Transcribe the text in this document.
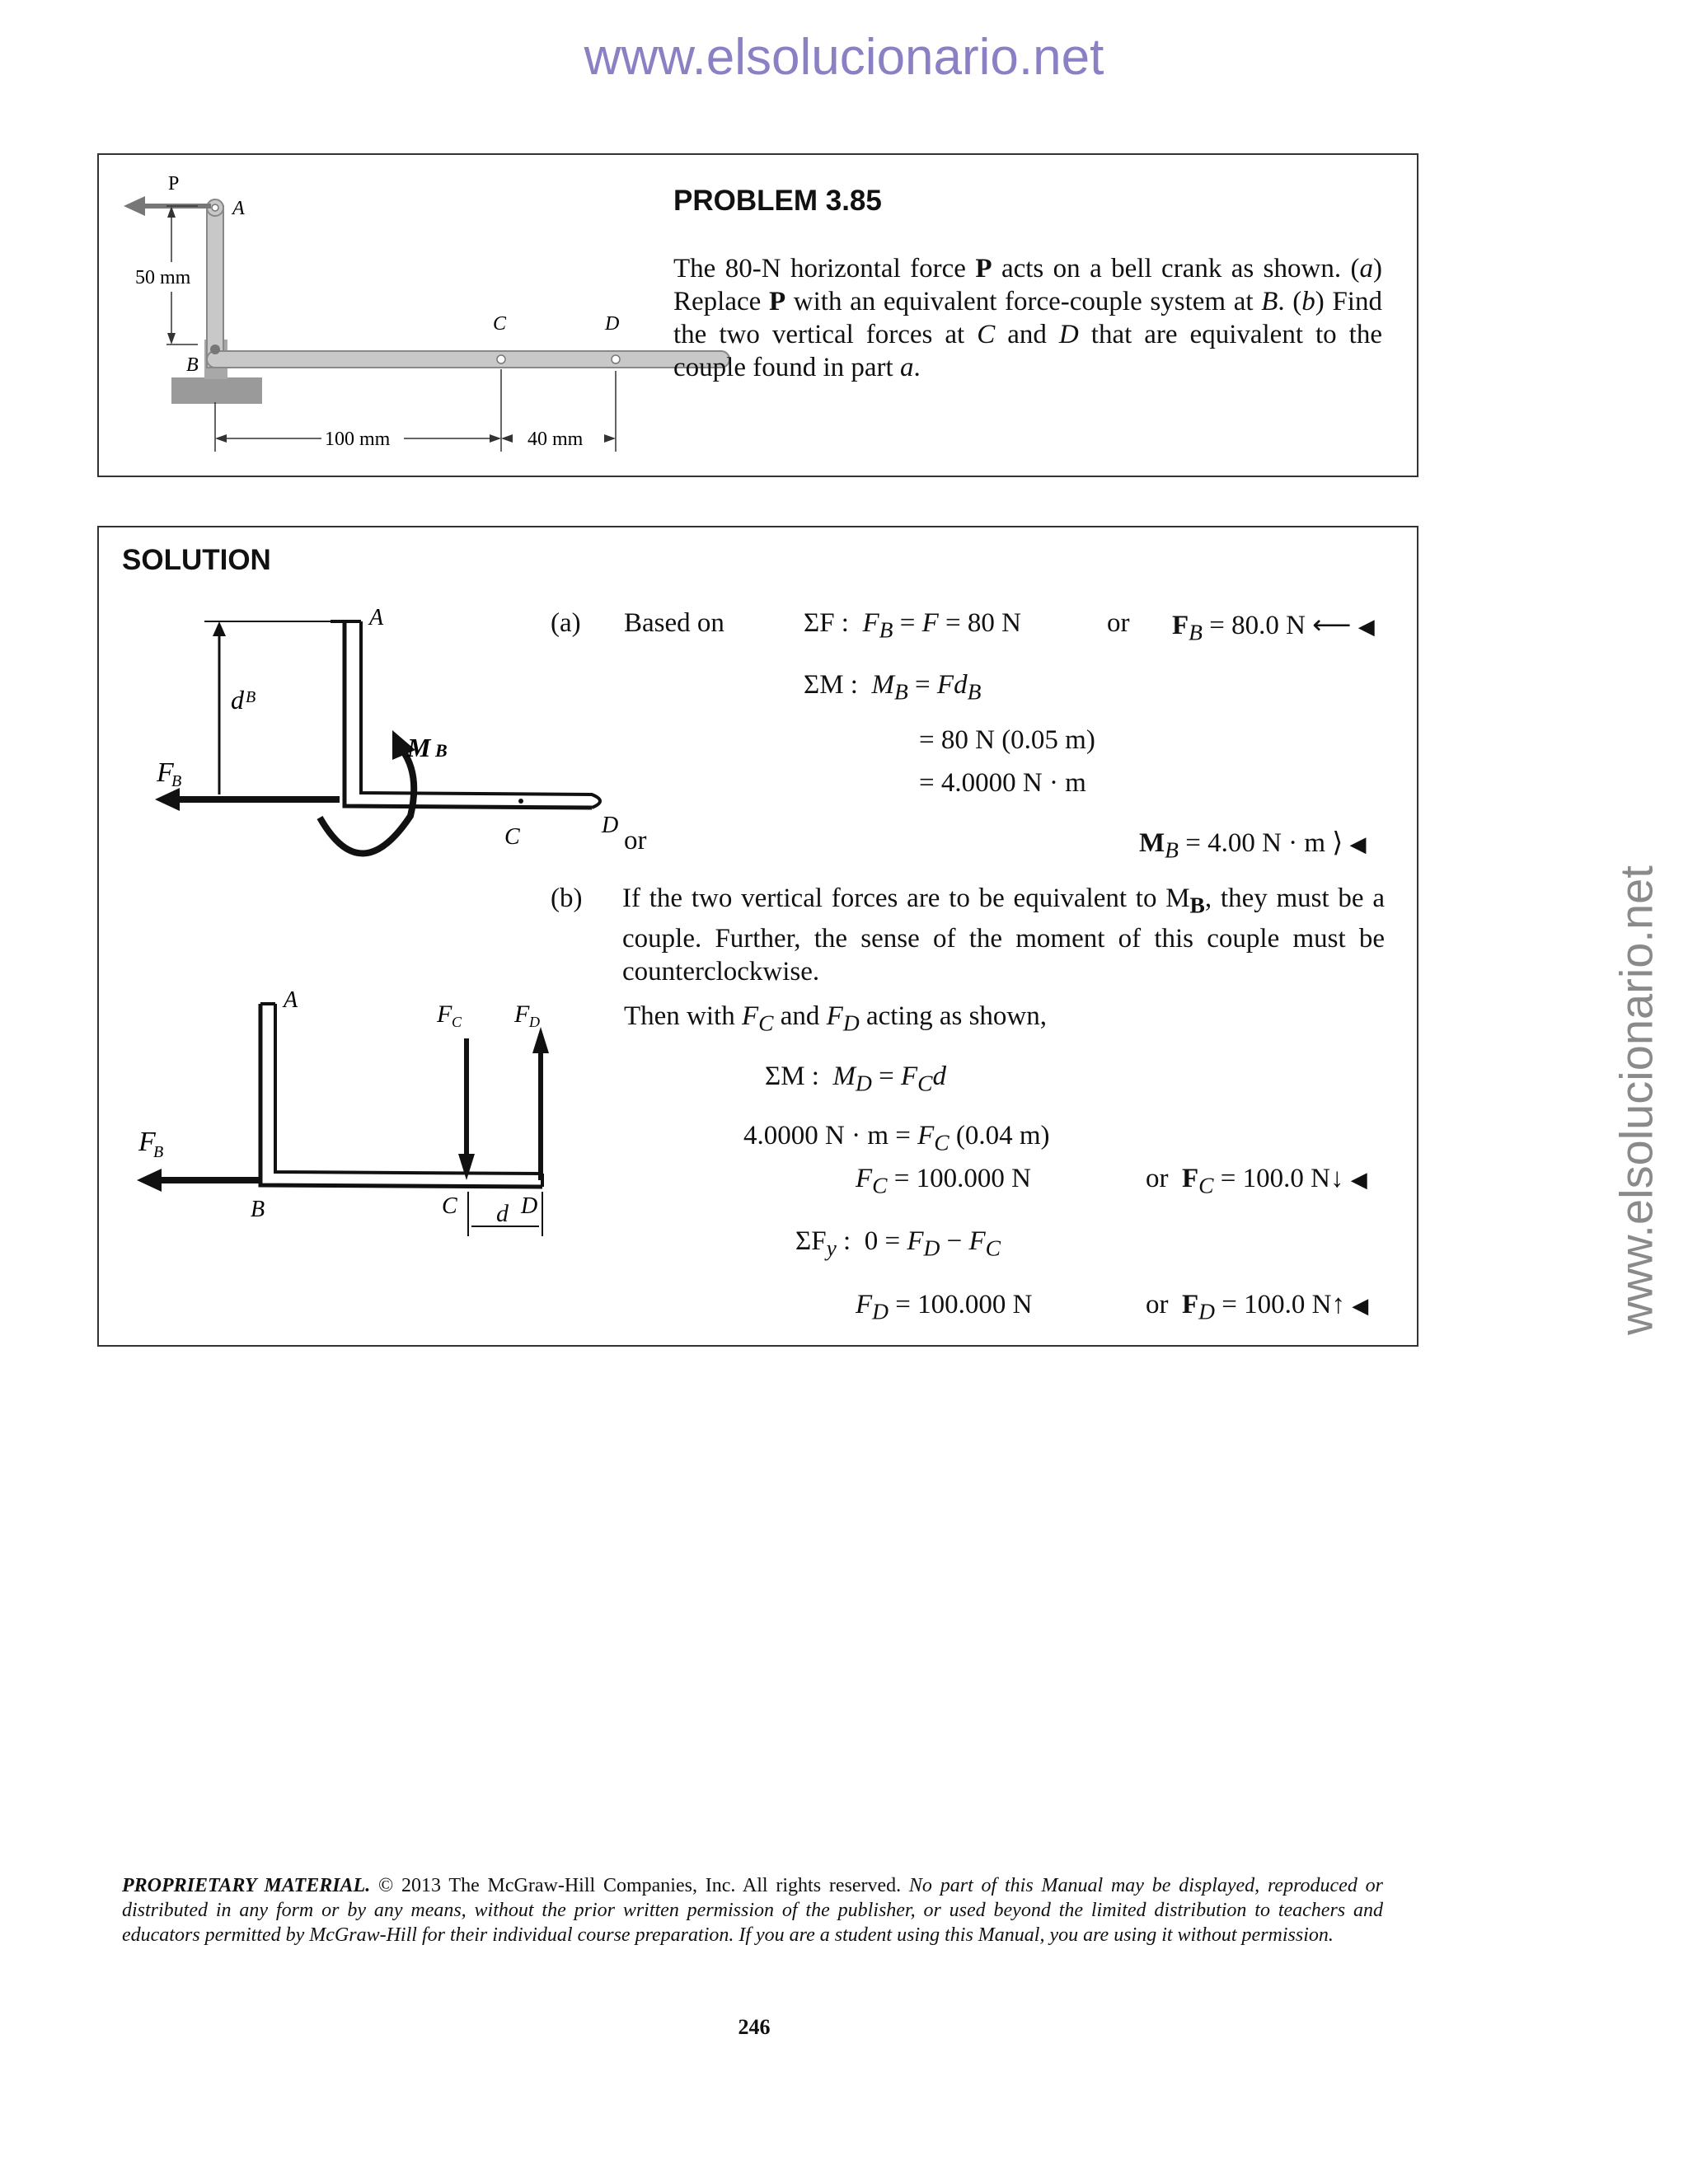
www.elsolucionario.net
www.elsolucionario.net
P
A
50 mm
B
C	D
100 mm	40 mm
PROBLEM 3.85
The 80-N horizontal force P acts on a bell crank as shown. (a) Replace P with an equivalent force-couple system at B. (b) Find the two vertical forces at C and D that are equivalent to the couple found in part a.
SOLUTION
F
B
d B
A
M B
C	D
F
B
A
B
F C F D
C	D
d
(a) Based on	ΣF :  $F_B = F = 80$ N	or $F_B = 80.0$ N ⟵ ◀
ΣM :  $M_B = Fd_B$
= 80 N (0.05 m)
= 4.0000 N · m
or	$M_B = 4.00$ N · m ⟩ ◀
(b) If the two vertical forces are to be equivalent to $M_B$, they must be a couple. Further, the sense of the moment of this couple must be counterclockwise.
Then with $F_C$ and $F_D$ acting as shown,
ΣM :  $M_D = F_Cd$
4.0000 $N \cdot m = F_C$ (0.04 m)
$F_C = 100.000$ N	or  $F_C = 100.0$ N↓ ◀
$\Sigma F_y$ :  $0 = F_D - F_C$
$F_D = 100.000$ N	or  $F_D = 100.0$ N↑ ◀
PROPRIETARY MATERIAL. © 2013 The McGraw-Hill Companies, Inc. All rights reserved. No part of this Manual may be displayed, reproduced or distributed in any form or by any means, without the prior written permission of the publisher, or used beyond the limited distribution to teachers and educators permitted by McGraw-Hill for their individual course preparation. If you are a student using this Manual, you are using it without permission.
246
